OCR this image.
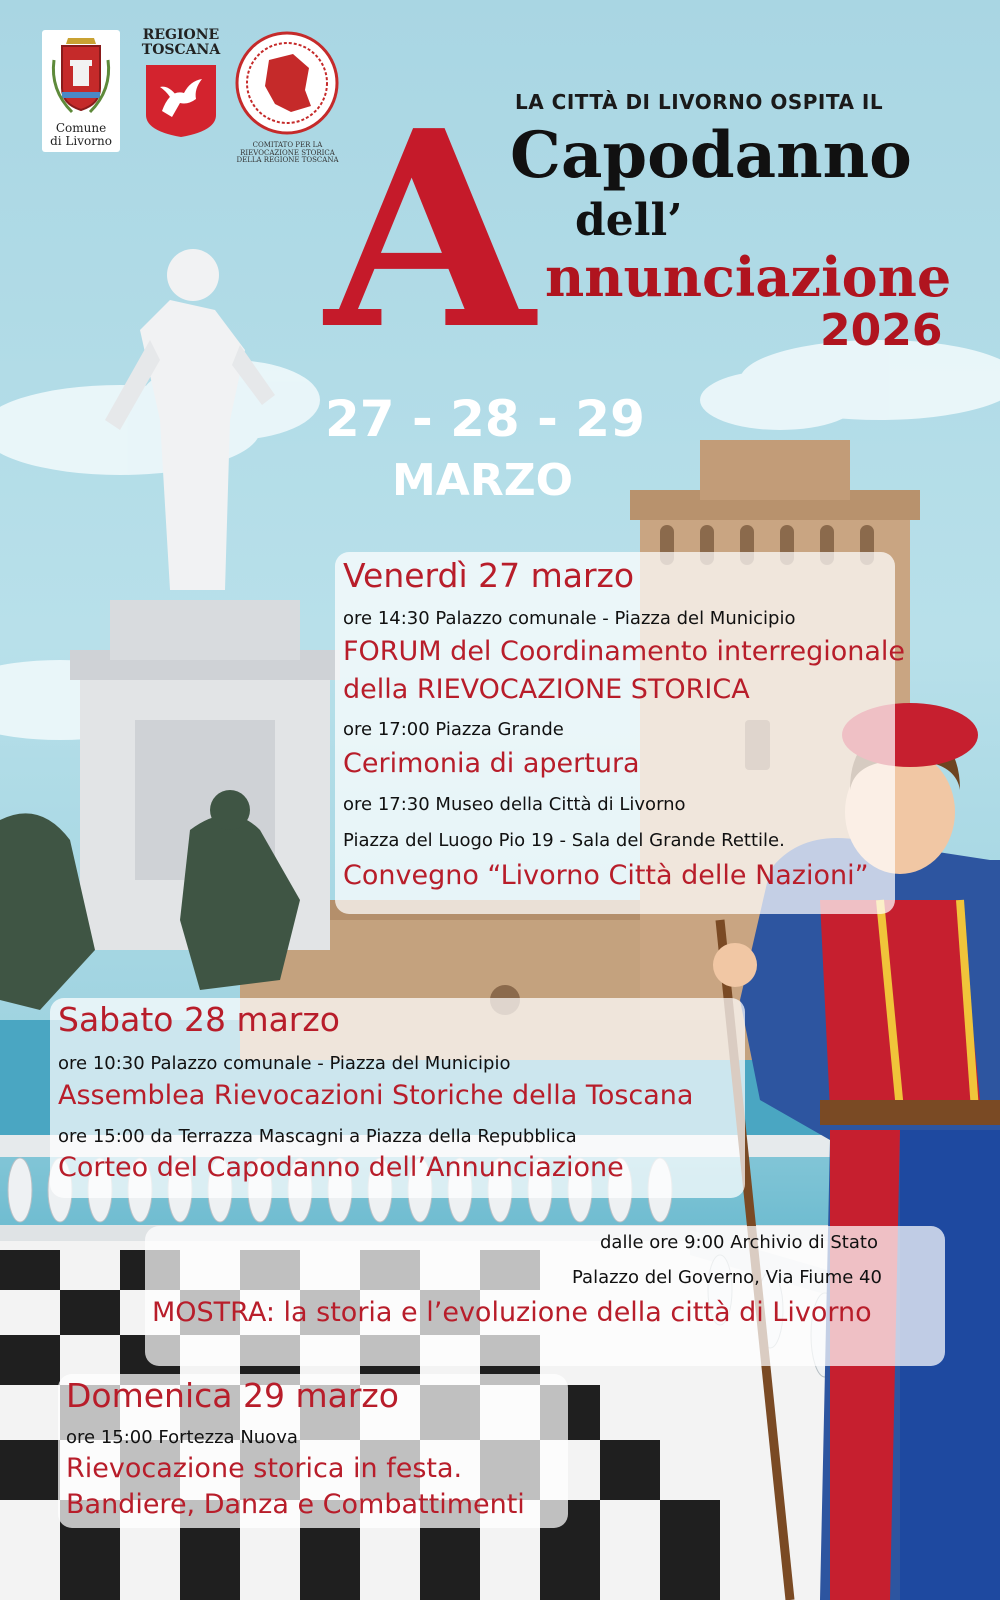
Comune
di Livorno
REGIONE
TOSCANA
COMITATO PER LA RIEVOCAZIONE STORICA DELLA REGIONE TOSCANA
LA CITTÀ DI LIVORNO OSPITA IL
A
Capodanno
dell’
nnunciazione
2026
27 - 28 - 29
MARZO
Venerdì 27 marzo
ore 14:30 Palazzo comunale - Piazza del Municipio
FORUM del Coordinamento interregionale
della RIEVOCAZIONE STORICA
ore 17:00 Piazza Grande
Cerimonia di apertura
ore 17:30 Museo della Città di Livorno
Piazza del Luogo Pio 19 - Sala del Grande Rettile.
Convegno “Livorno Città delle Nazioni”
Sabato 28 marzo
ore 10:30 Palazzo comunale - Piazza del Municipio
Assemblea Rievocazioni Storiche della Toscana
ore 15:00 da Terrazza Mascagni a Piazza della Repubblica
Corteo del Capodanno dell’Annunciazione
dalle ore 9:00 Archivio di Stato
Palazzo del Governo, Via Fiume 40
MOSTRA: la storia e l’evoluzione della città di Livorno
Domenica 29 marzo
ore 15:00 Fortezza Nuova
Rievocazione storica in festa.
Bandiere, Danza e Combattimenti
